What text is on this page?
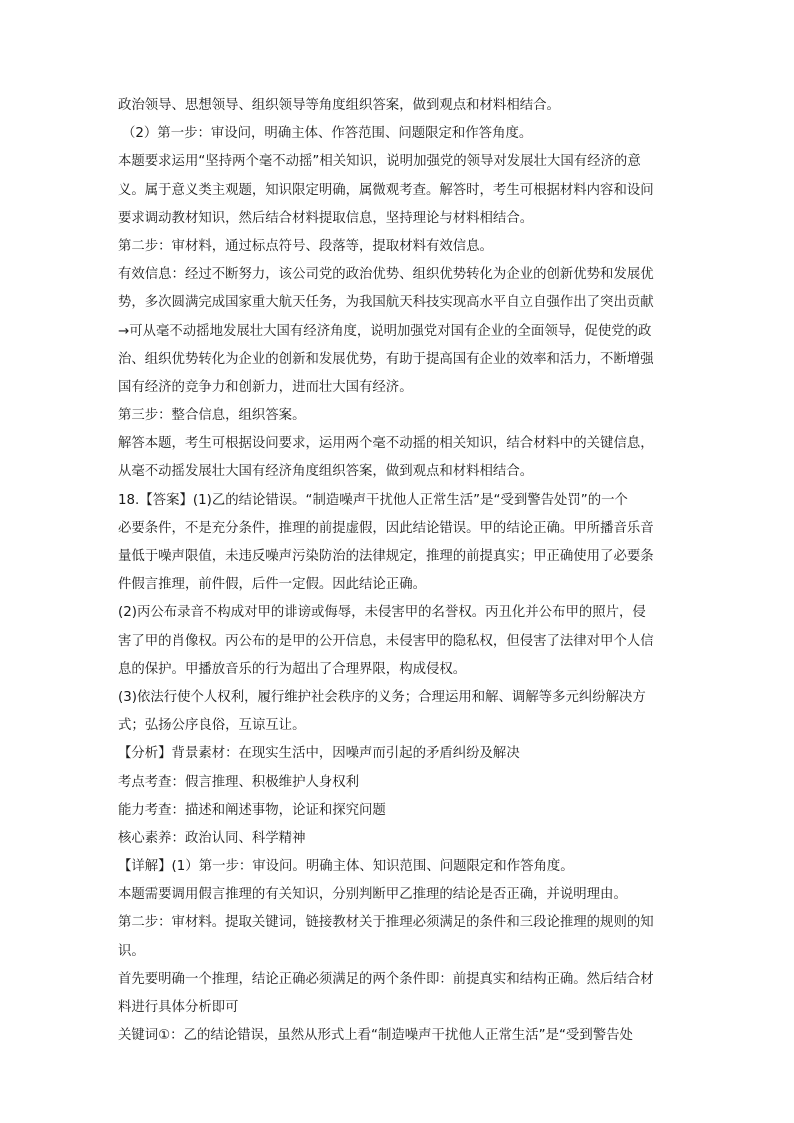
政治领导、思想领导、组织领导等角度组织答案，做到观点和材料相结合。
（2）第一步：审设问，明确主体、作答范围、问题限定和作答角度。
本题要求运用“坚持两个毫不动摇”相关知识，说明加强党的领导对发展壮大国有经济的意
义。属于意义类主观题，知识限定明确，属微观考查。解答时，考生可根据材料内容和设问
要求调动教材知识，然后结合材料提取信息，坚持理论与材料相结合。
第二步：审材料，通过标点符号、段落等，提取材料有效信息。
有效信息：经过不断努力，该公司党的政治优势、组织优势转化为企业的创新优势和发展优
势，多次圆满完成国家重大航天任务，为我国航天科技实现高水平自立自强作出了突出贡献
→可从毫不动摇地发展壮大国有经济角度，说明加强党对国有企业的全面领导，促使党的政
治、组织优势转化为企业的创新和发展优势，有助于提高国有企业的效率和活力，不断增强
国有经济的竞争力和创新力，进而壮大国有经济。
第三步：整合信息，组织答案。
解答本题，考生可根据设问要求，运用两个毫不动摇的相关知识，结合材料中的关键信息，
从毫不动摇发展壮大国有经济角度组织答案，做到观点和材料相结合。
18.【答案】(1)乙的结论错误。“制造噪声干扰他人正常生活”是“受到警告处罚”的一个
必要条件，不是充分条件，推理的前提虚假，因此结论错误。甲的结论正确。甲所播音乐音
量低于噪声限值，未违反噪声污染防治的法律规定，推理的前提真实；甲正确使用了必要条
件假言推理，前件假，后件一定假。因此结论正确。
(2)丙公布录音不构成对甲的诽谤或侮辱，未侵害甲的名誉权。丙丑化并公布甲的照片，侵
害了甲的肖像权。丙公布的是甲的公开信息，未侵害甲的隐私权，但侵害了法律对甲个人信
息的保护。甲播放音乐的行为超出了合理界限，构成侵权。
(3)依法行使个人权利，履行维护社会秩序的义务；合理运用和解、调解等多元纠纷解决方
式；弘扬公序良俗，互谅互让。
【分析】背景素材：在现实生活中，因噪声而引起的矛盾纠纷及解决
考点考查：假言推理、积极维护人身权利
能力考查：描述和阐述事物，论证和探究问题
核心素养：政治认同、科学精神
【详解】(1）第一步：审设问。明确主体、知识范围、问题限定和作答角度。
本题需要调用假言推理的有关知识，分别判断甲乙推理的结论是否正确，并说明理由。
第二步：审材料。提取关键词，链接教材关于推理必须满足的条件和三段论推理的规则的知
识。
首先要明确一个推理，结论正确必须满足的两个条件即：前提真实和结构正确。然后结合材
料进行具体分析即可
关键词①：乙的结论错误，虽然从形式上看“制造噪声干扰他人正常生活”是“受到警告处
